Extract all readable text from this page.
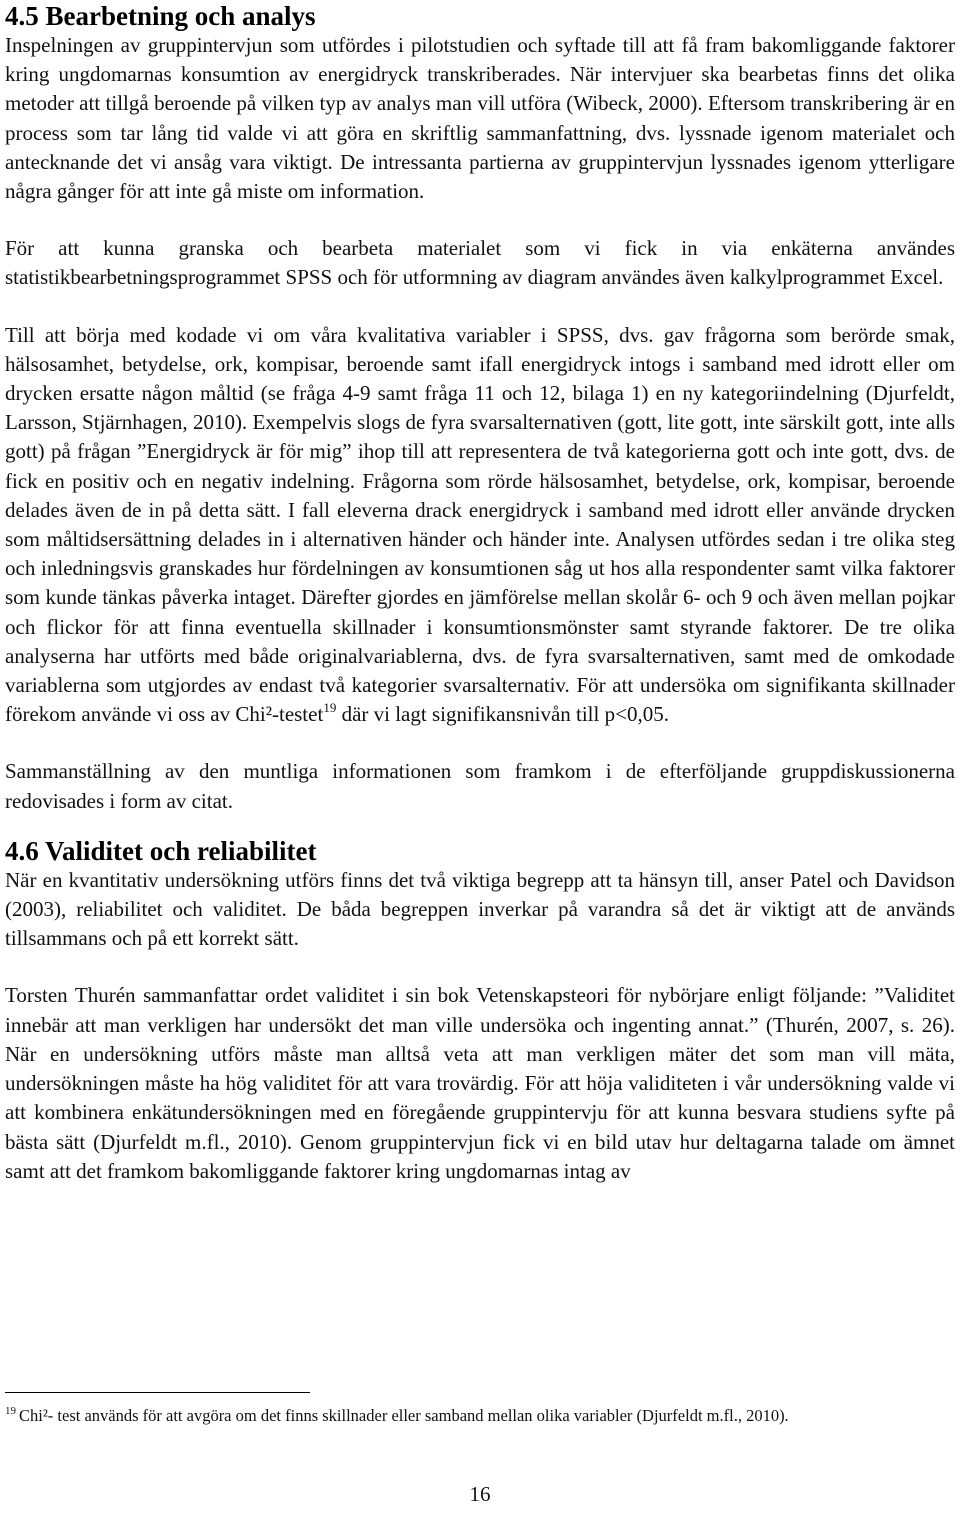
4.5 Bearbetning och analys

Inspelningen av gruppintervjun som utfördes i pilotstudien och syftade till att få fram bakomliggande faktorer kring ungdomarnas konsumtion av energidryck transkriberades. När intervjuer ska bearbetas finns det olika metoder att tillgå beroende på vilken typ av analys man vill utföra (Wibeck, 2000). Eftersom transkribering är en process som tar lång tid valde vi att göra en skriftlig sammanfattning, dvs. lyssnade igenom materialet och antecknande det vi ansåg vara viktigt. De intressanta partierna av gruppintervjun lyssnades igenom ytterligare några gånger för att inte gå miste om information.

För att kunna granska och bearbeta materialet som vi fick in via enkäterna användes statistikbearbetningsprogrammet SPSS och för utformning av diagram användes även kalkylprogrammet Excel.

Till att börja med kodade vi om våra kvalitativa variabler i SPSS, dvs. gav frågorna som berörde smak, hälsosamhet, betydelse, ork, kompisar, beroende samt ifall energidryck intogs i samband med idrott eller om drycken ersatte någon måltid (se fråga 4-9 samt fråga 11 och 12, bilaga 1) en ny kategoriindelning (Djurfeldt, Larsson, Stjärnhagen, 2010). Exempelvis slogs de fyra svarsalternativen (gott, lite gott, inte särskilt gott, inte alls gott) på frågan ”Energidryck är för mig” ihop till att representera de två kategorierna gott och inte gott, dvs. de fick en positiv och en negativ indelning. Frågorna som rörde hälsosamhet, betydelse, ork, kompisar, beroende delades även de in på detta sätt. I fall eleverna drack energidryck i samband med idrott eller använde drycken som måltidsersättning delades in i alternativen händer och händer inte. Analysen utfördes sedan i tre olika steg och inledningsvis granskades hur fördelningen av konsumtionen såg ut hos alla respondenter samt vilka faktorer som kunde tänkas påverka intaget. Därefter gjordes en jämförelse mellan skolår 6- och 9 och även mellan pojkar och flickor för att finna eventuella skillnader i konsumtionsmönster samt styrande faktorer. De tre olika analyserna har utförts med både originalvariablerna, dvs. de fyra svarsalternativen, samt med de omkodade variablerna som utgjordes av endast två kategorier svarsalternativ. För att undersöka om signifikanta skillnader förekom använde vi oss av Chi²-testet$^{19}$ där vi lagt signifikansnivån till p<0,05.

Sammanställning av den muntliga informationen som framkom i de efterföljande gruppdiskussionerna redovisades i form av citat.

4.6 Validitet och reliabilitet

När en kvantitativ undersökning utförs finns det två viktiga begrepp att ta hänsyn till, anser Patel och Davidson (2003), reliabilitet och validitet. De båda begreppen inverkar på varandra så det är viktigt att de används tillsammans och på ett korrekt sätt.

Torsten Thurén sammanfattar ordet validitet i sin bok Vetenskapsteori för nybörjare enligt följande: ”Validitet innebär att man verkligen har undersökt det man ville undersöka och ingenting annat.” (Thurén, 2007, s. 26). När en undersökning utförs måste man alltså veta att man verkligen mäter det som man vill mäta, undersökningen måste ha hög validitet för att vara trovärdig. För att höja validiteten i vår undersökning valde vi att kombinera enkätundersökningen med en föregående gruppintervju för att kunna besvara studiens syfte på bästa sätt (Djurfeldt m.fl., 2010). Genom gruppintervjun fick vi en bild utav hur deltagarna talade om ämnet samt att det framkom bakomliggande faktorer kring ungdomarnas intag av

$^{19}$ Chi²- test används för att avgöra om det finns skillnader eller samband mellan olika variabler (Djurfeldt m.fl., 2010).
16
